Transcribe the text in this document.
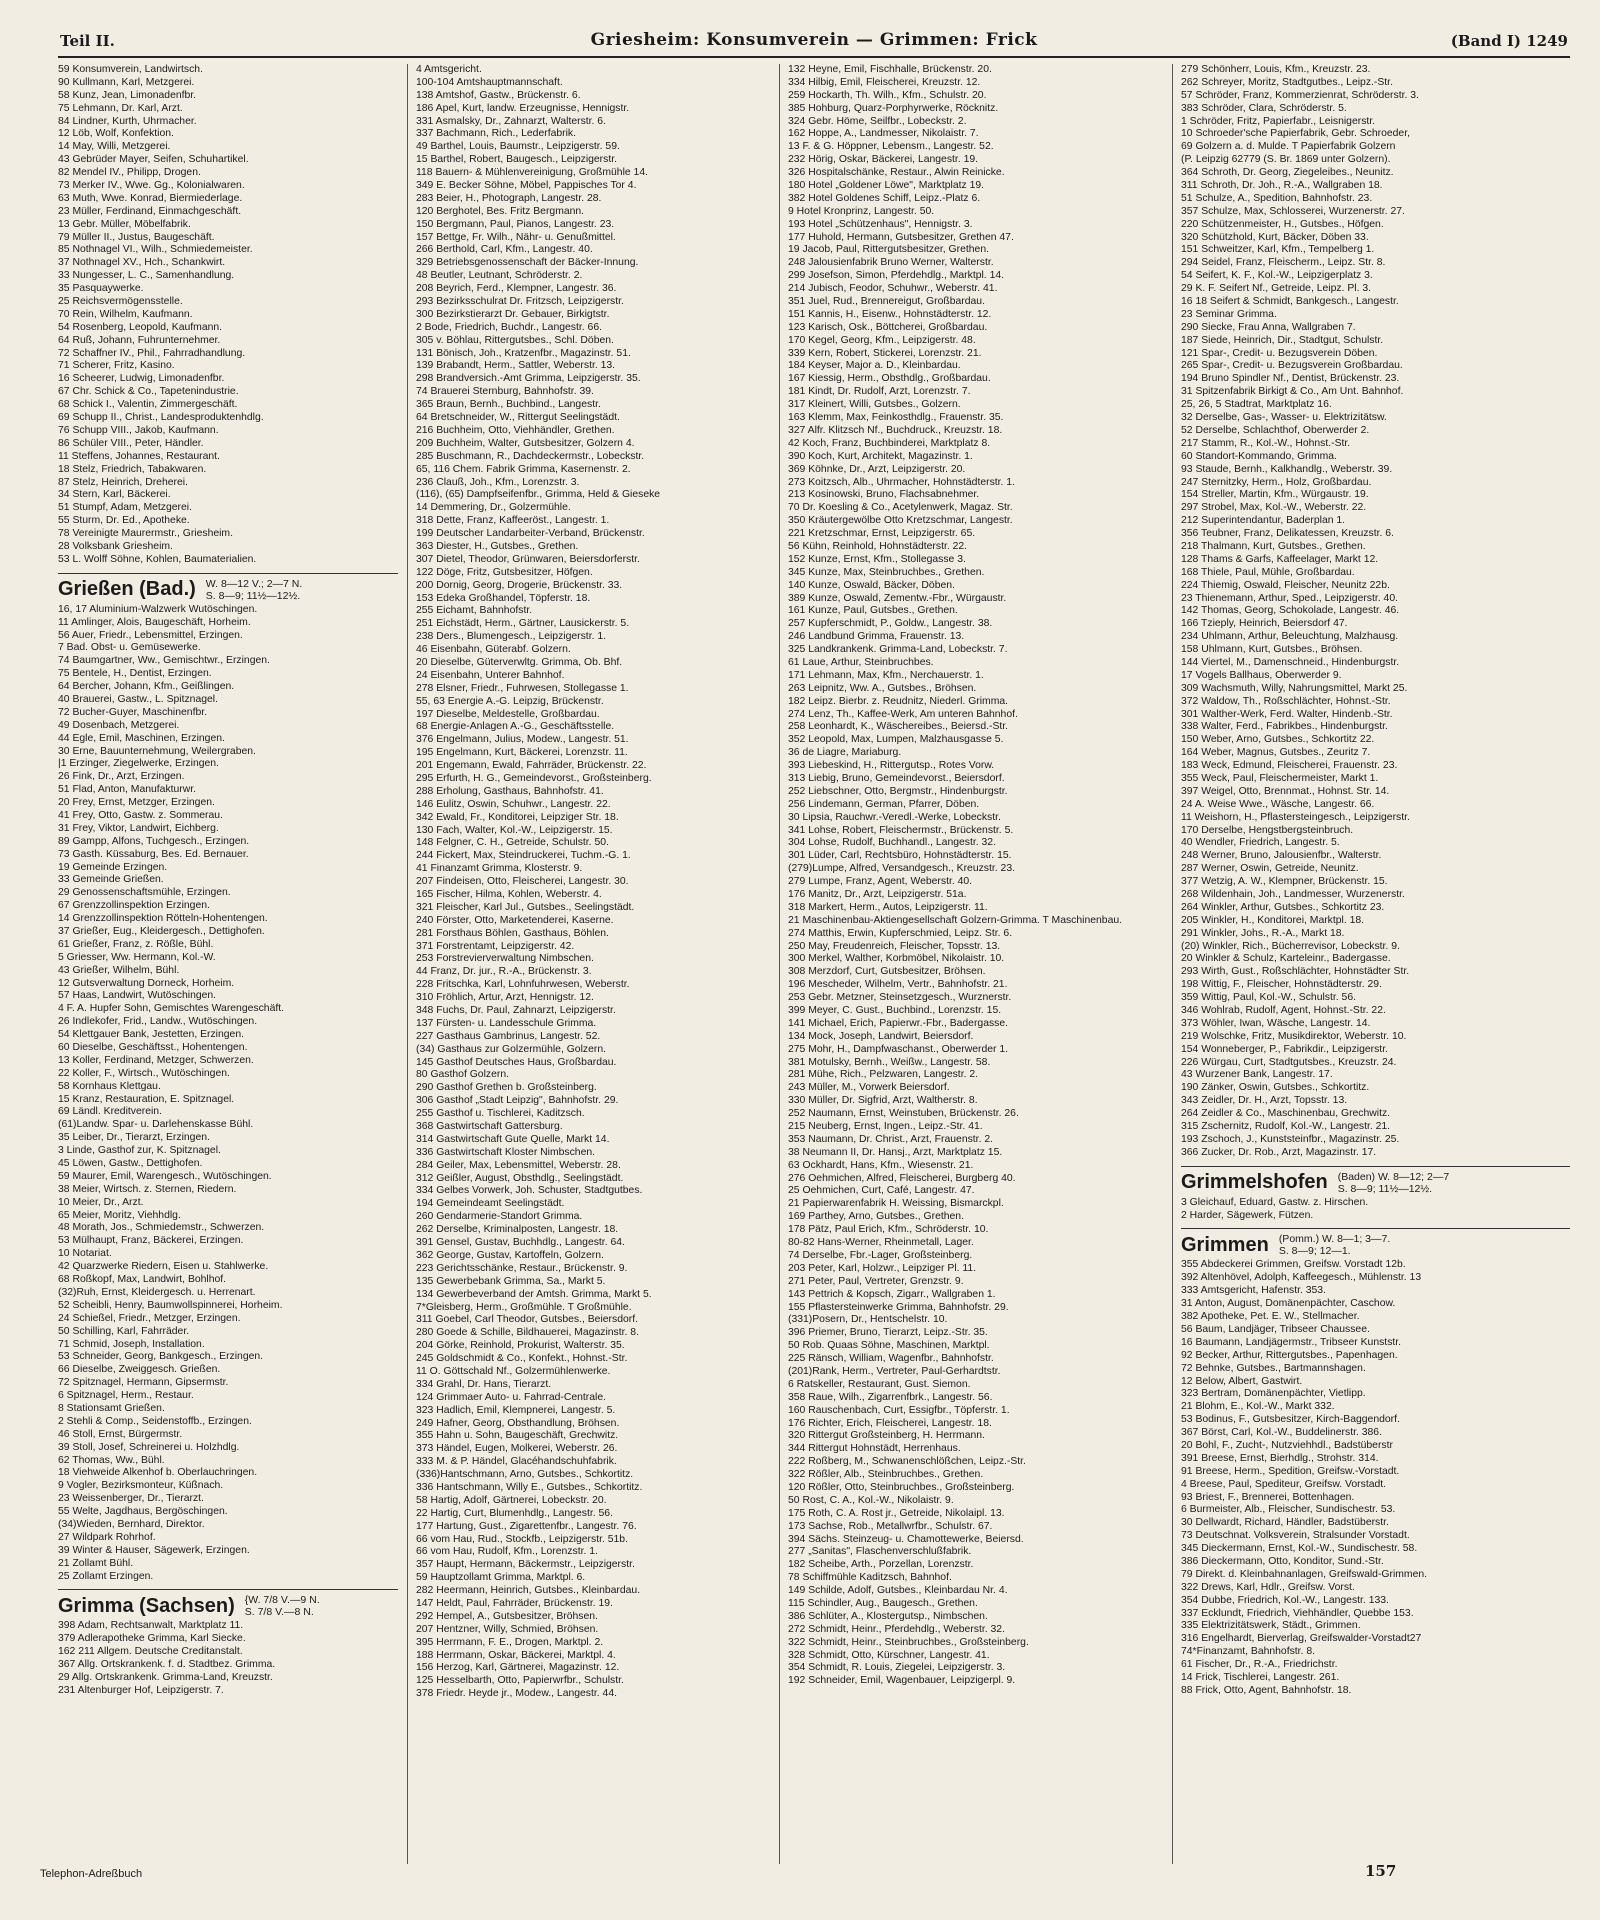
Teil II.	Griesheim: Konsumverein — Grimmen: Frick	(Band I) 1249
59 Konsumverein, Landwirtsch.
90 Kullmann, Karl, Metzgerei.
58 Kunz, Jean, Limonadenfbr.
75 Lehmann, Dr. Karl, Arzt.
84 Lindner, Kurth, Uhrmacher.
12 Löb, Wolf, Konfektion.
14 May, Willi, Metzgerei.
43 Gebrüder Mayer, Seifen, Schuhartikel.
82 Mendel IV., Philipp, Drogen.
73 Merker IV., Wwe. Gg., Kolonialwaren.
63 Muth, Wwe. Konrad, Biermiederlage.
23 Müller, Ferdinand, Einmachgeschäft.
13 Gebr. Müller, Möbelfabrik.
79 Müller II., Justus, Baugeschäft.
85 Nothnagel VI., Wilh., Schmiedemeister.
37 Nothnagel XV., Hch., Schankwirt.
33 Nungesser, L. C., Samenhandlung.
35 Pasquaywerke.
25 Reichsvermögensstelle.
70 Rein, Wilhelm, Kaufmann.
54 Rosenberg, Leopold, Kaufmann.
64 Ruß, Johann, Fuhrunternehmer.
72 Schaffner IV., Phil., Fahrradhandlung.
71 Scherer, Fritz, Kasino.
16 Scheerer, Ludwig, Limonadenfbr.
67 Chr. Schick & Co., Tapetenindustrie.
68 Schick I., Valentin, Zimmergeschäft.
69 Schupp II., Christ., Landesproduktenhdlg.
76 Schupp VIII., Jakob, Kaufmann.
86 Schüler VIII., Peter, Händler.
11 Steffens, Johannes, Restaurant.
18 Stelz, Friedrich, Tabakwaren.
87 Stelz, Heinrich, Dreherei.
34 Stern, Karl, Bäckerei.
51 Stumpf, Adam, Metzgerei.
55 Sturm, Dr. Ed., Apotheke.
78 Vereinigte Maurermstr., Griesheim.
28 Volksbank Griesheim.
53 L. Wolff Söhne, Kohlen, Baumaterialien.
Grießen (Bad.) W. 8—12 V.; 2—7 N.
S. 8—9; 11½—12½.
16, 17 Aluminium-Walzwerk Wutöschingen.
11 Amlinger, Alois, Baugeschäft, Horheim.
56 Auer, Friedr., Lebensmittel, Erzingen.
7 Bad. Obst- u. Gemüsewerke.
74 Baumgartner, Ww., Gemischtwr., Erzingen.
75 Bentele, H., Dentist, Erzingen.
64 Bercher, Johann, Kfm., Geißlingen.
40 Brauerei, Gastw., L. Spitznagel.
72 Bucher-Guyer, Maschinenfbr.
49 Dosenbach, Metzgerei.
44 Egle, Emil, Maschinen, Erzingen.
30 Erne, Bauunternehmung, Weilergraben.
|1 Erzinger, Ziegelwerke, Erzingen.
26 Fink, Dr., Arzt, Erzingen.
51 Flad, Anton, Manufakturwr.
20 Frey, Ernst, Metzger, Erzingen.
41 Frey, Otto, Gastw. z. Sommerau.
31 Frey, Viktor, Landwirt, Eichberg.
89 Gampp, Alfons, Tuchgesch., Erzingen.
73 Gasth. Küssaburg, Bes. Ed. Bernauer.
19 Gemeinde Erzingen.
33 Gemeinde Grießen.
29 Genossenschaftsmühle, Erzingen.
67 Grenzzollinspektion Erzingen.
14 Grenzzollinspektion Rötteln-Hohentengen.
37 Grießer, Eug., Kleidergesch., Dettighofen.
61 Grießer, Franz, z. Rößle, Bühl.
5 Griesser, Ww. Hermann, Kol.-W.
43 Grießer, Wilhelm, Bühl.
12 Gutsverwaltung Dorneck, Horheim.
57 Haas, Landwirt, Wutöschingen.
4 F. A. Hupfer Sohn, Gemischtes Warengeschäft.
26 Indlekofer, Frid., Landw., Wutöschingen.
54 Klettgauer Bank, Jestetten, Erzingen.
60 Dieselbe, Geschäftsst., Hohentengen.
13 Koller, Ferdinand, Metzger, Schwerzen.
22 Koller, F., Wirtsch., Wutöschingen.
58 Kornhaus Klettgau.
15 Kranz, Restauration, E. Spitznagel.
69 Ländl. Kreditverein.
(61)Landw. Spar- u. Darlehenskasse Bühl.
35 Leiber, Dr., Tierarzt, Erzingen.
3 Linde, Gasthof zur, K. Spitznagel.
45 Löwen, Gastw., Dettighofen.
59 Maurer, Emil, Warengesch., Wutöschingen.
38 Meier, Wirtsch. z. Sternen, Riedern.
10 Meier, Dr., Arzt.
65 Meier, Moritz, Viehhdlg.
48 Morath, Jos., Schmiedemstr., Schwerzen.
53 Mülhaupt, Franz, Bäckerei, Erzingen.
10 Notariat.
42 Quarzwerke Riedern, Eisen u. Stahlwerke.
68 Roßkopf, Max, Landwirt, Bohlhof.
(32)Ruh, Ernst, Kleidergesch. u. Herrenart.
52 Scheibli, Henry, Baumwollspinnerei, Horheim.
24 Schießel, Friedr., Metzger, Erzingen.
50 Schilling, Karl, Fahrräder.
71 Schmid, Joseph, Installation.
53 Schneider, Georg, Bankgesch., Erzingen.
66 Dieselbe, Zweiggesch. Grießen.
72 Spitznagel, Hermann, Gipsermstr.
6 Spitznagel, Herm., Restaur.
8 Stationsamt Grießen.
2 Stehli & Comp., Seidenstoffb., Erzingen.
46 Stoll, Ernst, Bürgermstr.
39 Stoll, Josef, Schreinerei u. Holzhdlg.
62 Thomas, Ww., Bühl.
18 Viehweide Alkenhof b. Oberlauchringen.
9 Vogler, Bezirksmonteur, Küßnach.
23 Weissenberger, Dr., Tierarzt.
55 Welte, Jagdhaus, Bergöschingen.
(34)Wieden, Bernhard, Direktor.
27 Wildpark Rohrhof.
39 Winter & Hauser, Sägewerk, Erzingen.
21 Zollamt Bühl.
25 Zollamt Erzingen.
Grimma (Sachsen) {W. 7/8 V.—9 N.
S. 7/8 V.—8 N.
398 Adam, Rechtsanwalt, Marktplatz 11.
379 Adlerapotheke Grimma, Karl Siecke.
162 211 Allgem. Deutsche Creditanstalt.
367 Allg. Ortskrankenk. f. d. Stadtbez. Grimma.
29 Allg. Ortskrankenk. Grimma-Land, Kreuzstr.
231 Altenburger Hof, Leipzigerstr. 7.
4 Amtsgericht.
100-104 Amtshauptmannschaft.
138 Amtshof, Gastw., Brückenstr. 6.
186 Apel, Kurt, landw. Erzeugnisse, Hennigstr.
331 Asmalsky, Dr., Zahnarzt, Walterstr. 6.
337 Bachmann, Rich., Lederfabrik.
49 Barthel, Louis, Baumstr., Leipzigerstr. 59.
15 Barthel, Robert, Baugesch., Leipzigerstr.
118 Bauern- & Mühlenvereinigung, Großmühle 14.
349 E. Becker Söhne, Möbel, Pappisches Tor 4.
283 Beier, H., Photograph, Langestr. 28.
120 Berghotel, Bes. Fritz Bergmann.
150 Bergmann, Paul, Pianos, Langestr. 23.
157 Bettge, Fr. Wilh., Nähr- u. Genußmittel.
266 Berthold, Carl, Kfm., Langestr. 40.
329 Betriebsgenossenschaft der Bäcker-Innung.
48 Beutler, Leutnant, Schröderstr. 2.
208 Beyrich, Ferd., Klempner, Langestr. 36.
293 Bezirksschulrat Dr. Fritzsch, Leipzigerstr.
300 Bezirkstierarzt Dr. Gebauer, Birkigtstr.
2 Bode, Friedrich, Buchdr., Langestr. 66.
305 v. Böhlau, Rittergutsbes., Schl. Döben.
131 Bönisch, Joh., Kratzenfbr., Magazinstr. 51.
139 Brabandt, Herm., Sattler, Weberstr. 13.
298 Brandversich.-Amt Grimma, Leipzigerstr. 35.
74 Brauerei Sternburg, Bahnhofstr. 39.
365 Braun, Bernh., Buchbind., Langestr.
64 Bretschneider, W., Rittergut Seelingstädt.
216 Buchheim, Otto, Viehhändler, Grethen.
209 Buchheim, Walter, Gutsbesitzer, Golzern 4.
285 Buschmann, R., Dachdeckermstr., Lobeckstr.
65, 116 Chem. Fabrik Grimma, Kasernenstr. 2.
236 Clauß, Joh., Kfm., Lorenzstr. 3.
(116), (65) Dampfseifenfbr., Grimma, Held & Gieseke
14 Demmering, Dr., Golzermühle.
318 Dette, Franz, Kaffeeröst., Langestr. 1.
199 Deutscher Landarbeiter-Verband, Brückenstr.
363 Diester, H., Gutsbes., Grethen.
307 Dietel, Theodor, Grünwaren, Beiersdorferstr.
122 Döge, Fritz, Gutsbesitzer, Höfgen.
200 Dornig, Georg, Drogerie, Brückenstr. 33.
153 Edeka Großhandel, Töpferstr. 18.
255 Eichamt, Bahnhofstr.
251 Eichstädt, Herm., Gärtner, Lausickerstr. 5.
238 Ders., Blumengesch., Leipzigerstr. 1.
46 Eisenbahn, Güterabf. Golzern.
20 Dieselbe, Güterverwltg. Grimma, Ob. Bhf.
24 Eisenbahn, Unterer Bahnhof.
278 Elsner, Friedr., Fuhrwesen, Stollegasse 1.
55, 63 Energie A.-G. Leipzig, Brückenstr.
197 Dieselbe, Meldestelle, Großbardau.
68 Energie-Anlagen A.-G., Geschäftsstelle.
376 Engelmann, Julius, Modew., Langestr. 51.
195 Engelmann, Kurt, Bäckerei, Lorenzstr. 11.
201 Engemann, Ewald, Fahrräder, Brückenstr. 22.
295 Erfurth, H. G., Gemeindevorst., Großsteinberg.
288 Erholung, Gasthaus, Bahnhofstr. 41.
146 Eulitz, Oswin, Schuhwr., Langestr. 22.
342 Ewald, Fr., Konditorei, Leipziger Str. 18.
130 Fach, Walter, Kol.-W., Leipzigerstr. 15.
148 Felgner, C. H., Getreide, Schulstr. 50.
244 Fickert, Max, Steindruckerei, Tuchm.-G. 1.
41 Finanzamt Grimma, Klosterstr. 9.
207 Findeisen, Otto, Fleischerei, Langestr. 30.
165 Fischer, Hilma, Kohlen, Weberstr. 4.
321 Fleischer, Karl Jul., Gutsbes., Seelingstädt.
240 Förster, Otto, Marketenderei, Kaserne.
281 Forsthaus Böhlen, Gasthaus, Böhlen.
371 Forstrentamt, Leipzigerstr. 42.
253 Forstrevierverwaltung Nimbschen.
44 Franz, Dr. jur., R.-A., Brückenstr. 3.
228 Fritschka, Karl, Lohnfuhrwesen, Weberstr.
310 Fröhlich, Artur, Arzt, Hennigstr. 12.
348 Fuchs, Dr. Paul, Zahnarzt, Leipzigerstr.
137 Fürsten- u. Landesschule Grimma.
227 Gasthaus Gambrinus, Langestr. 52.
(34) Gasthaus zur Golzermühle, Golzern.
145 Gasthof Deutsches Haus, Großbardau.
80 Gasthof Golzern.
290 Gasthof Grethen b. Großsteinberg.
306 Gasthof „Stadt Leipzig", Bahnhofstr. 29.
255 Gasthof u. Tischlerei, Kaditzsch.
368 Gastwirtschaft Gattersburg.
314 Gastwirtschaft Gute Quelle, Markt 14.
336 Gastwirtschaft Kloster Nimbschen.
284 Geiler, Max, Lebensmittel, Weberstr. 28.
312 Geißler, August, Obsthdlg., Seelingstädt.
334 Gelbes Vorwerk, Joh. Schuster, Stadtgutbes.
194 Gemeindeamt Seelingstädt.
260 Gendarmerie-Standort Grimma.
262 Derselbe, Kriminalposten, Langestr. 18.
391 Gensel, Gustav, Buchhdlg., Langestr. 64.
362 George, Gustav, Kartoffeln, Golzern.
223 Gerichtsschänke, Restaur., Brückenstr. 9.
135 Gewerbebank Grimma, Sa., Markt 5.
134 Gewerbeverband der Amtsh. Grimma, Markt 5.
7*Gleisberg, Herm., Großmühle. T Großmühle.
311 Goebel, Carl Theodor, Gutsbes., Beiersdorf.
280 Goede & Schille, Bildhauerei, Magazinstr. 8.
204 Görke, Reinhold, Prokurist, Walterstr. 35.
245 Goldschmidt & Co., Konfekt., Hohnst.-Str.
11 O. Göttschald Nf., Golzermühlenwerke.
334 Grahl, Dr. Hans, Tierarzt.
124 Grimmaer Auto- u. Fahrrad-Centrale.
323 Hadlich, Emil, Klempnerei, Langestr. 5.
249 Hafner, Georg, Obsthandlung, Bröhsen.
355 Hahn u. Sohn, Baugeschäft, Grechwitz.
373 Händel, Eugen, Molkerei, Weberstr. 26.
333 M. & P. Händel, Glacéhandschuhfabrik.
(336)Hantschmann, Arno, Gutsbes., Schkortitz.
336 Hantschmann, Willy E., Gutsbes., Schkortitz.
58 Hartig, Adolf, Gärtnerei, Lobeckstr. 20.
22 Hartig, Curt, Blumenhdlg., Langestr. 56.
177 Hartung, Gust., Zigarettenfbr., Langestr. 76.
66 vom Hau, Rud., Stockfb., Leipzigerstr. 51b.
66 vom Hau, Rudolf, Kfm., Lorenzstr. 1.
357 Haupt, Hermann, Bäckermstr., Leipzigerstr.
59 Hauptzollamt Grimma, Marktpl. 6.
282 Heermann, Heinrich, Gutsbes., Kleinbardau.
147 Heldt, Paul, Fahrräder, Brückenstr. 19.
292 Hempel, A., Gutsbesitzer, Bröhsen.
207 Hentzner, Willy, Schmied, Bröhsen.
395 Herrmann, F. E., Drogen, Marktpl. 2.
188 Herrmann, Oskar, Bäckerei, Marktpl. 4.
156 Herzog, Karl, Gärtnerei, Magazinstr. 12.
125 Hesselbarth, Otto, Papierwrfbr., Schulstr.
378 Friedr. Heyde jr., Modew., Langestr. 44.
132 Heyne, Emil, Fischhalle, Brückenstr. 20.
334 Hilbig, Emil, Fleischerei, Kreuzstr. 12.
259 Hockarth, Th. Wilh., Kfm., Schulstr. 20.
385 Hohburg, Quarz-Porphyrwerke, Röcknitz.
324 Gebr. Höme, Seilfbr., Lobeckstr. 2.
162 Hoppe, A., Landmesser, Nikolaistr. 7.
13 F. & G. Höppner, Lebensm., Langestr. 52.
232 Hörig, Oskar, Bäckerei, Langestr. 19.
326 Hospitalschänke, Restaur., Alwin Reinicke.
180 Hotel „Goldener Löwe", Marktplatz 19.
382 Hotel Goldenes Schiff, Leipz.-Platz 6.
9 Hotel Kronprinz, Langestr. 50.
193 Hotel „Schützenhaus", Hennigstr. 3.
177 Huhold, Hermann, Gutsbesitzer, Grethen 47.
19 Jacob, Paul, Rittergutsbesitzer, Grethen.
248 Jalousienfabrik Bruno Werner, Walterstr.
299 Josefson, Simon, Pferdehdlg., Marktpl. 14.
214 Jubisch, Feodor, Schuhwr., Weberstr. 41.
351 Juel, Rud., Brennereigut, Großbardau.
151 Kannis, H., Eisenw., Hohnstädterstr. 12.
123 Karisch, Osk., Böttcherei, Großbardau.
170 Kegel, Georg, Kfm., Leipzigerstr. 48.
339 Kern, Robert, Stickerei, Lorenzstr. 21.
184 Keyser, Major a. D., Kleinbardau.
167 Kiessig, Herm., Obsthdlg., Großbardau.
181 Kindt, Dr. Rudolf, Arzt, Lorenzstr. 7.
317 Kleinert, Willi, Gutsbes., Golzern.
163 Klemm, Max, Feinkosthdlg., Frauenstr. 35.
327 Alfr. Klitzsch Nf., Buchdruck., Kreuzstr. 18.
42 Koch, Franz, Buchbinderei, Marktplatz 8.
390 Koch, Kurt, Architekt, Magazinstr. 1.
369 Köhnke, Dr., Arzt, Leipzigerstr. 20.
273 Koitzsch, Alb., Uhrmacher, Hohnstädterstr. 1.
213 Kosinowski, Bruno, Flachsabnehmer.
70 Dr. Koesling & Co., Acetylenwerk, Magaz. Str.
350 Kräutergewölbe Otto Kretzschmar, Langestr.
221 Kretzschmar, Ernst, Leipzigerstr. 65.
56 Kühn, Reinhold, Hohnstädterstr. 22.
152 Kunze, Ernst, Kfm., Stollegasse 3.
345 Kunze, Max, Steinbruchbes., Grethen.
140 Kunze, Oswald, Bäcker, Döben.
389 Kunze, Oswald, Zementw.-Fbr., Würgaustr.
161 Kunze, Paul, Gutsbes., Grethen.
257 Kupferschmidt, P., Goldw., Langestr. 38.
246 Landbund Grimma, Frauenstr. 13.
325 Landkrankenk. Grimma-Land, Lobeckstr. 7.
61 Laue, Arthur, Steinbruchbes.
171 Lehmann, Max, Kfm., Nerchauerstr. 1.
263 Leipnitz, Ww. A., Gutsbes., Bröhsen.
182 Leipz. Bierbr. z. Reudnitz, Niederl. Grimma.
274 Lenz, Th., Kaffee-Werk, Am unteren Bahnhof.
258 Leonhardt, K., Wäschereibes., Beiersd.-Str.
352 Leopold, Max, Lumpen, Malzhausgasse 5.
36 de Liagre, Mariaburg.
393 Liebeskind, H., Rittergutsp., Rotes Vorw.
313 Liebig, Bruno, Gemeindevorst., Beiersdorf.
252 Liebschner, Otto, Bergmstr., Hindenburgstr.
256 Lindemann, German, Pfarrer, Döben.
30 Lipsia, Rauchwr.-Veredl.-Werke, Lobeckstr.
341 Lohse, Robert, Fleischermstr., Brückenstr. 5.
304 Lohse, Rudolf, Buchhandl., Langestr. 32.
301 Lüder, Carl, Rechtsbüro, Hohnstädterstr. 15.
(279)Lumpe, Alfred, Versandgesch., Kreuzstr. 23.
279 Lumpe, Franz, Agent, Weberstr. 40.
176 Manitz, Dr., Arzt, Leipzigerstr. 51a.
318 Markert, Herm., Autos, Leipzigerstr. 11.
21 Maschinenbau-Aktiengesellschaft Golzern-Grimma. T Maschinenbau.
274 Matthis, Erwin, Kupferschmied, Leipz. Str. 6.
250 May, Freudenreich, Fleischer, Topsstr. 13.
300 Merkel, Walther, Korbmöbel, Nikolaistr. 10.
308 Merzdorf, Curt, Gutsbesitzer, Bröhsen.
196 Mescheder, Wilhelm, Vertr., Bahnhofstr. 21.
253 Gebr. Metzner, Steinsetzgesch., Wurznerstr.
399 Meyer, C. Gust., Buchbind., Lorenzstr. 15.
141 Michael, Erich, Papierwr.-Fbr., Badergasse.
134 Mock, Joseph, Landwirt, Beiersdorf.
275 Mohr, H., Dampfwaschanst., Oberwerder 1.
381 Motulsky, Bernh., Weißw., Langestr. 58.
281 Mühe, Rich., Pelzwaren, Langestr. 2.
243 Müller, M., Vorwerk Beiersdorf.
330 Müller, Dr. Sigfrid, Arzt, Waltherstr. 8.
252 Naumann, Ernst, Weinstuben, Brückenstr. 26.
215 Neuberg, Ernst, Ingen., Leipz.-Str. 41.
353 Naumann, Dr. Christ., Arzt, Frauenstr. 2.
38 Neumann II, Dr. Hansj., Arzt, Marktplatz 15.
63 Ockhardt, Hans, Kfm., Wiesenstr. 21.
276 Oehmichen, Alfred, Fleischerei, Burgberg 40.
25 Oehmichen, Curt, Café, Langestr. 47.
21 Papierwarenfabrik H. Weissing, Bismarckpl.
169 Parthey, Arno, Gutsbes., Grethen.
178 Pätz, Paul Erich, Kfm., Schröderstr. 10.
80-82 Hans-Werner, Rheinmetall, Lager.
74 Derselbe, Fbr.-Lager, Großsteinberg.
203 Peter, Karl, Holzwr., Leipziger Pl. 11.
271 Peter, Paul, Vertreter, Grenzstr. 9.
143 Pettrich & Kopsch, Zigarr., Wallgraben 1.
155 Pflastersteinwerke Grimma, Bahnhofstr. 29.
(331)Posern, Dr., Hentschelstr. 10.
396 Priemer, Bruno, Tierarzt, Leipz.-Str. 35.
50 Rob. Quaas Söhne, Maschinen, Marktpl.
225 Ränsch, William, Wagenfbr., Bahnhofstr.
(201)Rank, Herm., Vertreter, Paul-Gerhardtstr.
6 Ratskeller, Restaurant, Gust. Siemon.
358 Raue, Wilh., Zigarrenfbrk., Langestr. 56.
160 Rauschenbach, Curt, Essigfbr., Töpferstr. 1.
176 Richter, Erich, Fleischerei, Langestr. 18.
320 Rittergut Großsteinberg, H. Herrmann.
344 Rittergut Hohnstädt, Herrenhaus.
222 Roßberg, M., Schwanenschlößchen, Leipz.-Str.
322 Rößler, Alb., Steinbruchbes., Grethen.
120 Rößler, Otto, Steinbruchbes., Großsteinberg.
50 Rost, C. A., Kol.-W., Nikolaistr. 9.
175 Roth, C. A. Rost jr., Getreide, Nikolaipl. 13.
173 Sachse, Rob., Metallwrfbr., Schulstr. 67.
394 Sächs. Steinzeug- u. Chamottewerke, Beiersd.
277 „Sanitas", Flaschenverschlußfabrik.
182 Scheibe, Arth., Porzellan, Lorenzstr.
78 Schiffmühle Kaditzsch, Bahnhof.
149 Schilde, Adolf, Gutsbes., Kleinbardau Nr. 4.
115 Schindler, Aug., Baugesch., Grethen.
386 Schlüter, A., Klostergutsp., Nimbschen.
272 Schmidt, Heinr., Pferdehdlg., Weberstr. 32.
322 Schmidt, Heinr., Steinbruchbes., Großsteinberg.
328 Schmidt, Otto, Kürschner, Langestr. 41.
354 Schmidt, R. Louis, Ziegelei, Leipzigerstr. 3.
192 Schneider, Emil, Wagenbauer, Leipzigerpl. 9.
279 Schönherr, Louis, Kfm., Kreuzstr. 23.
262 Schreyer, Moritz, Stadtgutbes., Leipz.-Str.
57 Schröder, Franz, Kommerzienrat, Schröderstr. 3.
383 Schröder, Clara, Schröderstr. 5.
1 Schröder, Fritz, Papierfabr., Leisnigerstr.
10 Schroeder'sche Papierfabrik, Gebr. Schroeder,
69 Golzern a. d. Mulde. T Papierfabrik Golzern
(P. Leipzig 62779 (S. Br. 1869 unter Golzern).
364 Schroth, Dr. Georg, Ziegeleibes., Neunitz.
311 Schroth, Dr. Joh., R.-A., Wallgraben 18.
51 Schulze, A., Spedition, Bahnhofstr. 23.
357 Schulze, Max, Schlosserei, Wurzenerstr. 27.
220 Schützenmeister, H., Gutsbes., Höfgen.
320 Schützhold, Kurt, Bäcker, Döben 33.
151 Schweitzer, Karl, Kfm., Tempelberg 1.
294 Seidel, Franz, Fleischerm., Leipz. Str. 8.
54 Seifert, K. F., Kol.-W., Leipzigerplatz 3.
29 K. F. Seifert Nf., Getreide, Leipz. Pl. 3.
16 18 Seifert & Schmidt, Bankgesch., Langestr.
23 Seminar Grimma.
290 Siecke, Frau Anna, Wallgraben 7.
187 Siede, Heinrich, Dir., Stadtgut, Schulstr.
121 Spar-, Credit- u. Bezugsverein Döben.
265 Spar-, Credit- u. Bezugsverein Großbardau.
194 Bruno Spindler Nf., Dentist, Brückenstr. 23.
31 Spitzenfabrik Birkigt & Co., Am Unt. Bahnhof.
25, 26, 5 Stadtrat, Marktplatz 16.
32 Derselbe, Gas-, Wasser- u. Elektrizitätsw.
52 Derselbe, Schlachthof, Oberwerder 2.
217 Stamm, R., Kol.-W., Hohnst.-Str.
60 Standort-Kommando, Grimma.
93 Staude, Bernh., Kalkhandlg., Weberstr. 39.
247 Sternitzky, Herm., Holz, Großbardau.
154 Streller, Martin, Kfm., Würgaustr. 19.
297 Strobel, Max, Kol.-W., Weberstr. 22.
212 Superintendantur, Baderplan 1.
356 Teubner, Franz, Delikatessen, Kreuzstr. 6.
218 Thalmann, Kurt, Gutsbes., Grethen.
128 Thams & Garfs, Kaffeelager, Markt 12.
168 Thiele, Paul, Mühle, Großbardau.
224 Thiemig, Oswald, Fleischer, Neunitz 22b.
23 Thienemann, Arthur, Sped., Leipzigerstr. 40.
142 Thomas, Georg, Schokolade, Langestr. 46.
166 Tzieply, Heinrich, Beiersdorf 47.
234 Uhlmann, Arthur, Beleuchtung, Malzhausg.
158 Uhlmann, Kurt, Gutsbes., Bröhsen.
144 Viertel, M., Damenschneid., Hindenburgstr.
17 Vogels Ballhaus, Oberwerder 9.
309 Wachsmuth, Willy, Nahrungsmittel, Markt 25.
372 Waldow, Th., Roßschlächter, Hohnst.-Str.
301 Walther-Werk, Ferd. Walter, Hindenb.-Str.
338 Walter, Ferd., Fabrikbes., Hindenburgstr.
150 Weber, Arno, Gutsbes., Schkortitz 22.
164 Weber, Magnus, Gutsbes., Zeuritz 7.
183 Weck, Edmund, Fleischerei, Frauenstr. 23.
355 Weck, Paul, Fleischermeister, Markt 1.
397 Weigel, Otto, Brennmat., Hohnst. Str. 14.
24 A. Weise Wwe., Wäsche, Langestr. 66.
11 Weishorn, H., Pflastersteingesch., Leipzigerstr.
170 Derselbe, Hengstbergsteinbruch.
40 Wendler, Friedrich, Langestr. 5.
248 Werner, Bruno, Jalousienfbr., Walterstr.
287 Werner, Oswin, Getreide, Neunitz.
377 Wetzig, A. W., Klempner, Brückenstr. 15.
268 Wildenhain, Joh., Landmesser, Wurzenerstr.
264 Winkler, Arthur, Gutsbes., Schkortitz 23.
205 Winkler, H., Konditorei, Marktpl. 18.
291 Winkler, Johs., R.-A., Markt 18.
(20) Winkler, Rich., Bücherrevisor, Lobeckstr. 9.
20 Winkler & Schulz, Karteleinr., Badergasse.
293 Wirth, Gust., Roßschlächter, Hohnstädter Str.
198 Wittig, F., Fleischer, Hohnstädterstr. 29.
359 Wittig, Paul, Kol.-W., Schulstr. 56.
346 Wohlrab, Rudolf, Agent, Hohnst.-Str. 22.
373 Wöhler, Iwan, Wäsche, Langestr. 14.
219 Wolschke, Fritz, Musikdirektor, Weberstr. 10.
154 Wonneberger, P., Fabrikdir., Leipzigerstr.
226 Würgau, Curt, Stadtgutsbes., Kreuzstr. 24.
43 Wurzener Bank, Langestr. 17.
190 Zänker, Oswin, Gutsbes., Schkortitz.
343 Zeidler, Dr. H., Arzt, Topsstr. 13.
264 Zeidler & Co., Maschinenbau, Grechwitz.
315 Zschernitz, Rudolf, Kol.-W., Langestr. 21.
193 Zschoch, J., Kunststeinfbr., Magazinstr. 25.
366 Zucker, Dr. Rob., Arzt, Magazinstr. 17.
Grimmelshofen (Baden) W. 8—12; 2—7
S. 8—9; 11½—12½.
3 Gleichauf, Eduard, Gastw. z. Hirschen.
2 Harder, Sägewerk, Fützen.
Grimmen (Pomm.) W. 8—1; 3—7.
S. 8—9; 12—1.
355 Abdeckerei Grimmen, Greifsw. Vorstadt 12b.
392 Altenhövel, Adolph, Kaffeegesch., Mühlenstr. 13
333 Amtsgericht, Hafenstr. 353.
31 Anton, August, Domänenpächter, Caschow.
382 Apotheke, Pet. E. W., Stellmacher.
56 Baum, Landjäger, Tribseer Chaussee.
16 Baumann, Landjägermstr., Tribseer Kunststr.
92 Becker, Arthur, Rittergutsbes., Papenhagen.
72 Behnke, Gutsbes., Bartmannshagen.
12 Below, Albert, Gastwirt.
323 Bertram, Domänenpächter, Vietlipp.
21 Blohm, E., Kol.-W., Markt 332.
53 Bodinus, F., Gutsbesitzer, Kirch-Baggendorf.
367 Börst, Carl, Kol.-W., Buddelinerstr. 386.
20 Bohl, F., Zucht-, Nutzviehhdl., Badstüberstr
391 Breese, Ernst, Bierhdlg., Strohstr. 314.
91 Breese, Herm., Spedition, Greifsw.-Vorstadt.
4 Breese, Paul, Spediteur, Greifsw. Vorstadt.
93 Briest, F., Brennerei, Bottenhagen.
6 Burmeister, Alb., Fleischer, Sundischestr. 53.
30 Dellwardt, Richard, Händler, Badstüberstr.
73 Deutschnat. Volksverein, Stralsunder Vorstadt.
345 Dieckermann, Ernst, Kol.-W., Sundischestr. 58.
386 Dieckermann, Otto, Konditor, Sund.-Str.
79 Direkt. d. Kleinbahnanlagen, Greifswald-Grimmen.
322 Drews, Karl, Hdlr., Greifsw. Vorst.
354 Dubbe, Friedrich, Kol.-W., Langestr. 133.
337 Ecklundt, Friedrich, Viehhändler, Quebbe 153.
335 Elektrizitätswerk, Städt., Grimmen.
316 Engelhardt, Bierverlag, Greifswalder-Vorstadt27
74*Finanzamt, Bahnhofstr. 8.
61 Fischer, Dr., R.-A., Friedrichstr.
14 Frick, Tischlerei, Langestr. 261.
88 Frick, Otto, Agent, Bahnhofstr. 18.
Telephon-Adreßbuch	157
